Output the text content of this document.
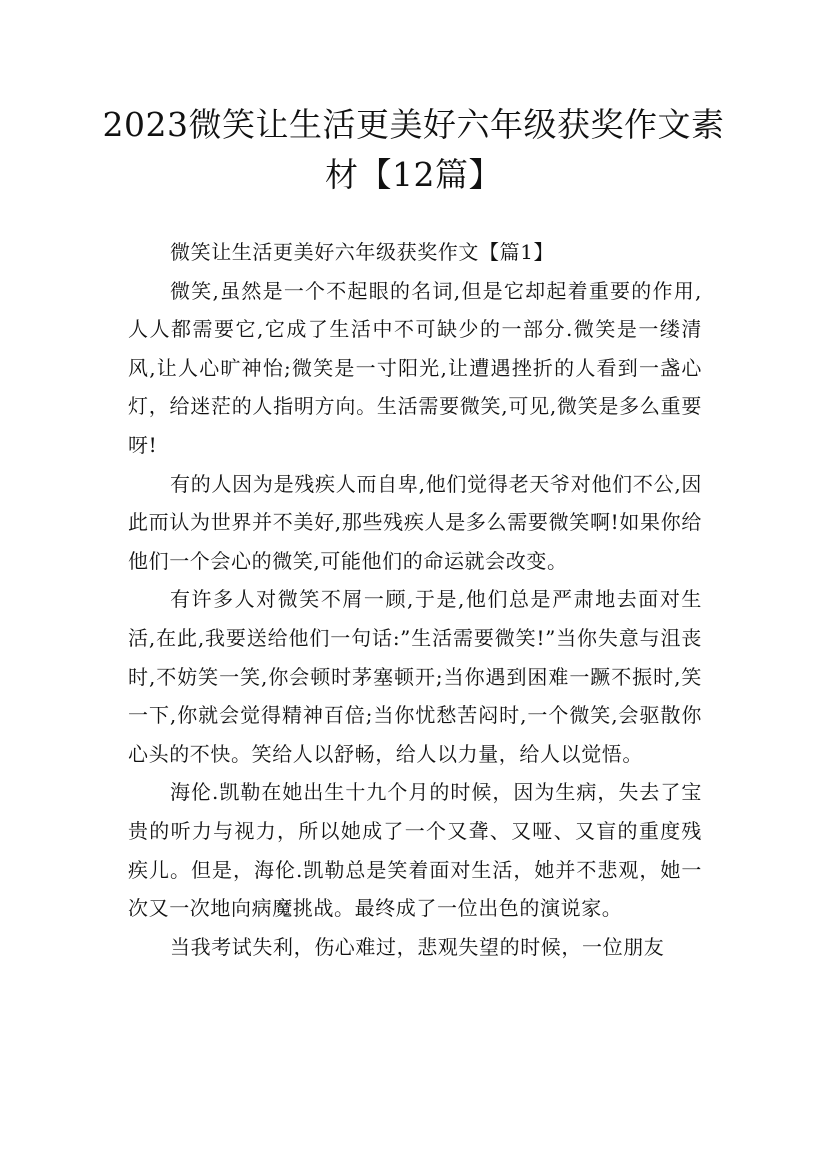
2023微笑让生活更美好六年级获奖作文素材【12篇】

微笑让生活更美好六年级获奖作文【篇1】

微笑,虽然是一个不起眼的名词,但是它却起着重要的作用,人人都需要它,它成了生活中不可缺少的一部分.微笑是一缕清风,让人心旷神怡;微笑是一寸阳光,让遭遇挫折的人看到一盏心灯，给迷茫的人指明方向。生活需要微笑,可见,微笑是多么重要呀!

有的人因为是残疾人而自卑,他们觉得老天爷对他们不公,因此而认为世界并不美好,那些残疾人是多么需要微笑啊!如果你给他们一个会心的微笑,可能他们的命运就会改变。

有许多人对微笑不屑一顾,于是,他们总是严肃地去面对生活,在此,我要送给他们一句话:”生活需要微笑!”当你失意与沮丧时,不妨笑一笑,你会顿时茅塞顿开;当你遇到困难一蹶不振时,笑一下,你就会觉得精神百倍;当你忧愁苦闷时,一个微笑,会驱散你心头的不快。笑给人以舒畅，给人以力量，给人以觉悟。

海伦.凯勒在她出生十九个月的时候，因为生病，失去了宝贵的听力与视力，所以她成了一个又聋、又哑、又盲的重度残疾儿。但是，海伦.凯勒总是笑着面对生活，她并不悲观，她一次又一次地向病魔挑战。最终成了一位出色的演说家。

当我考试失利，伤心难过，悲观失望的时候，一位朋友
